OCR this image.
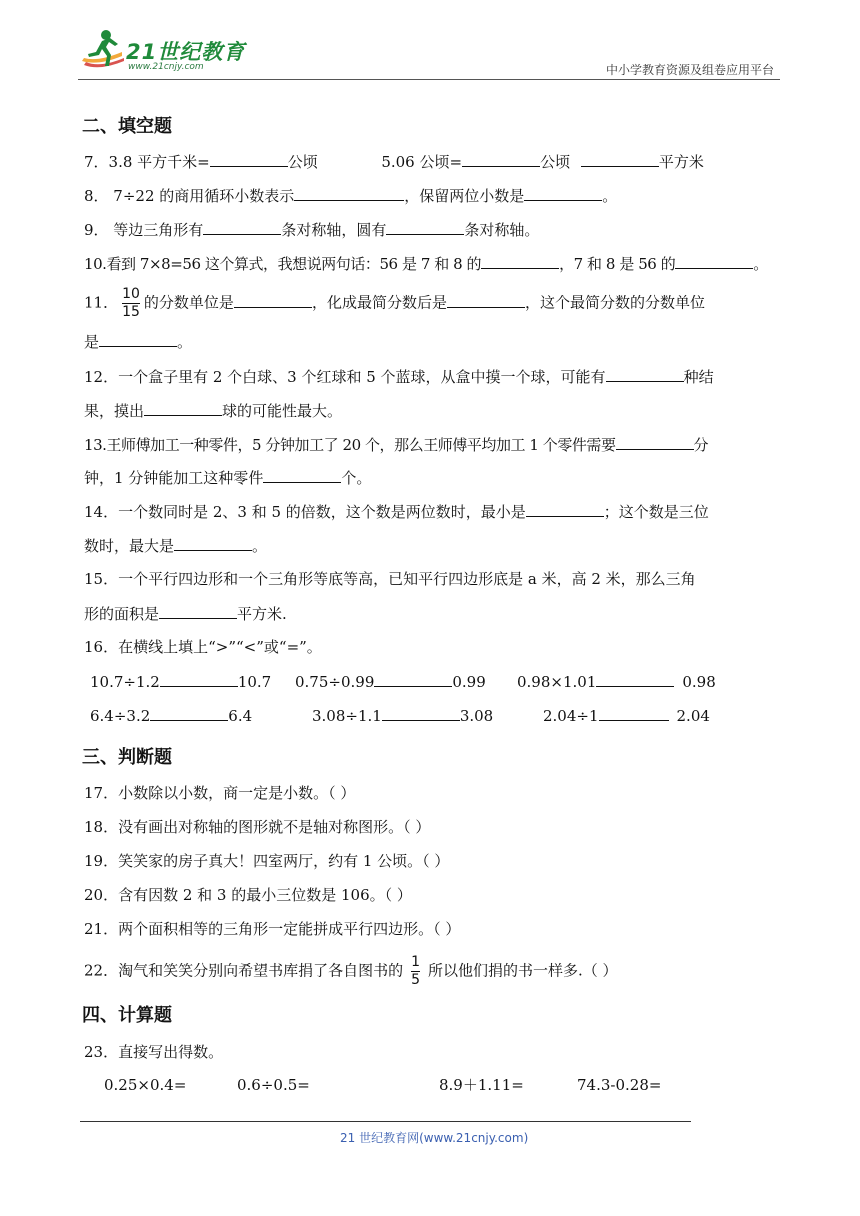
21世纪教育
www.21cnjy.com	中小学教育资源及组卷应用平台
二、填空题
7．3.8 平方千米=	公顷	5.06 公顷=	公顷	平方米
8． 7÷22 的商用循环小数表示	，保留两位小数是	。
9． 等边三角形有	条对称轴，圆有	条对称轴。
10.看到 7×8=56 这个算式，我想说两句话：56 是 7 和 8 的	，7 和 8 是 56 的	。
11． $\frac{10}{15}$ 的分数单位是	，化成最简分数后是	，这个最简分数的分数单位
是	。
12．一个盒子里有 2 个白球、3 个红球和 5 个蓝球，从盒中摸一个球，可能有	种结
果，摸出	球的可能性最大。
13.王师傅加工一种零件，5 分钟加工了 20 个，那么王师傅平均加工 1 个零件需要	分
钟，1 分钟能加工这种零件	个。
14．一个数同时是 2、3 和 5 的倍数，这个数是两位数时，最小是	；这个数是三位
数时，最大是	。
15．一个平行四边形和一个三角形等底等高，已知平行四边形底是 a 米，高 2 米，那么三角
形的面积是	平方米.
16．在横线上填上“>”“<”或“=”。
10.7÷1.2	10.7 0.75÷0.99	0.99 0.98×1.01	0.98
6.4÷3.2	6.4	3.08÷1.1	3.08	2.04÷1	2.04
三、判断题
17．小数除以小数，商一定是小数。（ ）
18．没有画出对称轴的图形就不是轴对称图形。（ ）
19．笑笑家的房子真大！四室两厅，约有 1 公顷。（ ）
20．含有因数 2 和 3 的最小三位数是 106。（ ）
21．两个面积相等的三角形一定能拼成平行四边形。（ ）
22．淘气和笑笑分别向希望书库捐了各自图书的 $\frac{1}{5}$ 所以他们捐的书一样多.（ ）
四、计算题
23．直接写出得数。
0.25×0.4=	0.6÷0.5=	8.9＋1.11=	74.3-0.28=
21 世纪教育网(www.21cnjy.com)
